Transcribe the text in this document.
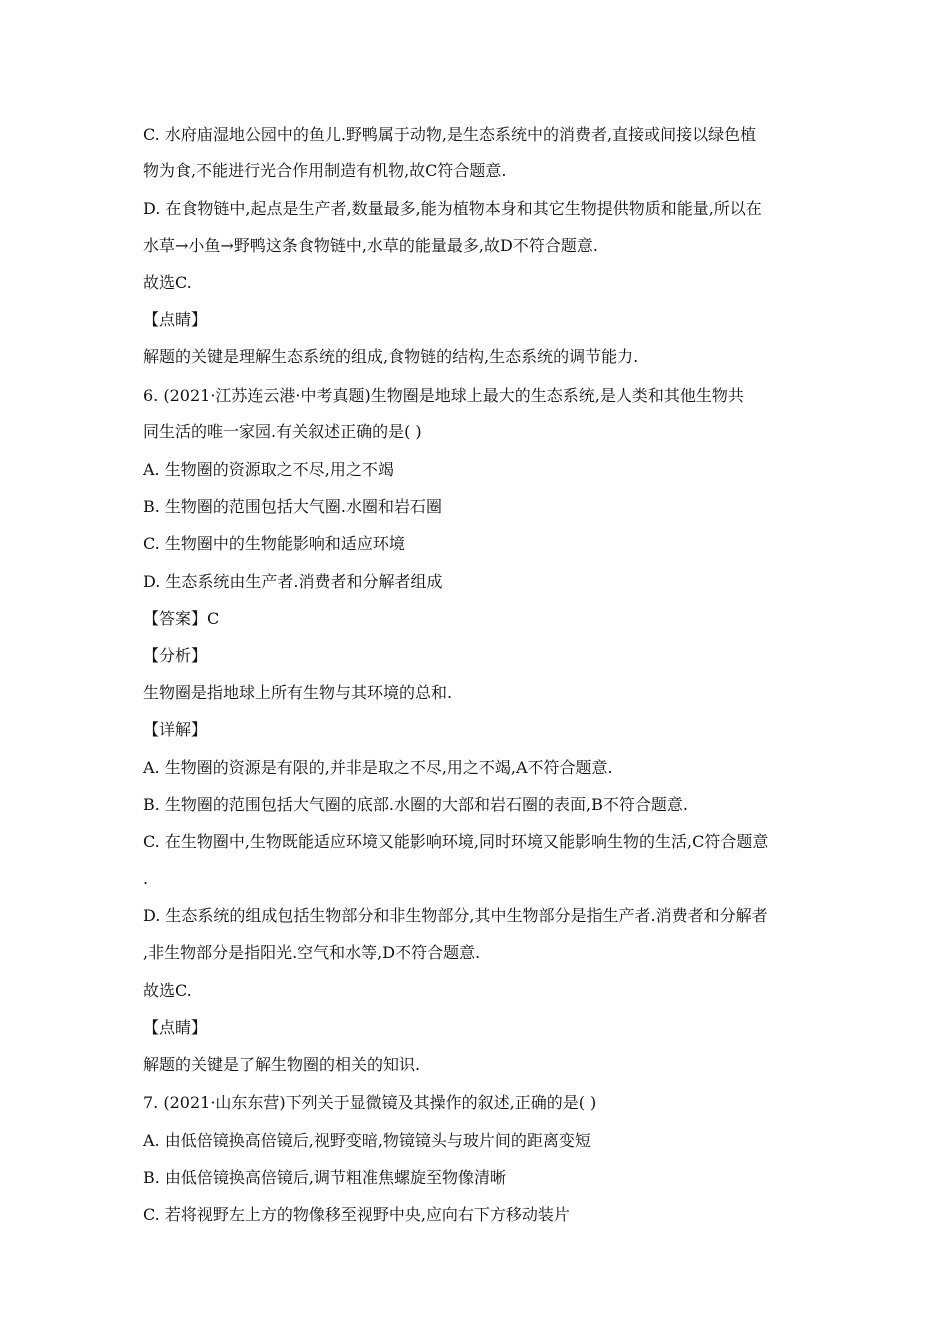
C. 水府庙湿地公园中的鱼儿.野鸭属于动物,是生态系统中的消费者,直接或间接以绿色植
物为食,不能进行光合作用制造有机物,故C符合题意.
D. 在食物链中,起点是生产者,数量最多,能为植物本身和其它生物提供物质和能量,所以在
水草→小鱼→野鸭这条食物链中,水草的能量最多,故D不符合题意.
故选C.
【点睛】
解题的关键是理解生态系统的组成,食物链的结构,生态系统的调节能力.
6. (2021·江苏连云港·中考真题)生物圈是地球上最大的生态系统,是人类和其他生物共
同生活的唯一家园.有关叙述正确的是( )
A. 生物圈的资源取之不尽,用之不竭
B. 生物圈的范围包括大气圈.水圈和岩石圈
C. 生物圈中的生物能影响和适应环境
D. 生态系统由生产者.消费者和分解者组成
【答案】C
【分析】
生物圈是指地球上所有生物与其环境的总和.
【详解】
A. 生物圈的资源是有限的,并非是取之不尽,用之不竭,A不符合题意.
B. 生物圈的范围包括大气圈的底部.水圈的大部和岩石圈的表面,B不符合题意.
C. 在生物圈中,生物既能适应环境又能影响环境,同时环境又能影响生物的生活,C符合题意
.
D. 生态系统的组成包括生物部分和非生物部分,其中生物部分是指生产者.消费者和分解者
,非生物部分是指阳光.空气和水等,D不符合题意.
故选C.
【点睛】
解题的关键是了解生物圈的相关的知识.
7. (2021·山东东营)下列关于显微镜及其操作的叙述,正确的是( )
A. 由低倍镜换高倍镜后,视野变暗,物镜镜头与玻片间的距离变短
B. 由低倍镜换高倍镜后,调节粗准焦螺旋至物像清晰
C. 若将视野左上方的物像移至视野中央,应向右下方移动装片
